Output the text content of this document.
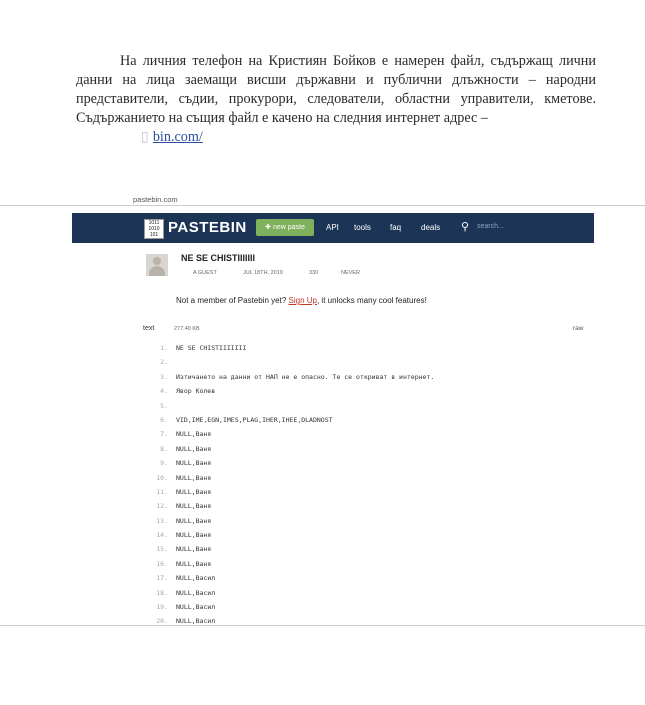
На личния телефон на Кристиян Бойков е намерен файл, съдържащ лични данни на лица заемащи висши държавни и публични длъжности – народни представители, съдии, прокурори, следователи, областни управители, кметове. Съдържанието на същия файл е качено на следния интернет адрес –

▯ bin.com/
pastebin.com
1011 1010 101 PASTEBIN	✚ new paste	API tools faq deals ⚲ search...
NE SE CHISTIIIIIII
A GUEST	JUL 18TH, 2019	330	NEVER
Not a member of Pastebin yet? Sign Up, it unlocks many cool features!
text	277.40 KB	raw
1. NE SE CHISTIIIIIII
2.
3. Изтичането на данни от НАП не е опасно. Те се откриват в интернет.
4. Явор Колев
5.
6. VID,IME,EGN,IMES,PLAG,IHER,IHEE,DLADNOST
7. NULL,Ваня
8. NULL,Ваня
9. NULL,Ваня
10. NULL,Ваня
11. NULL,Ваня
12. NULL,Ваня
13. NULL,Ваня
14. NULL,Ваня
15. NULL,Ваня
16. NULL,Ваня
17. NULL,Васил
18. NULL,Васил
19. NULL,Васил
20. NULL,Васил
